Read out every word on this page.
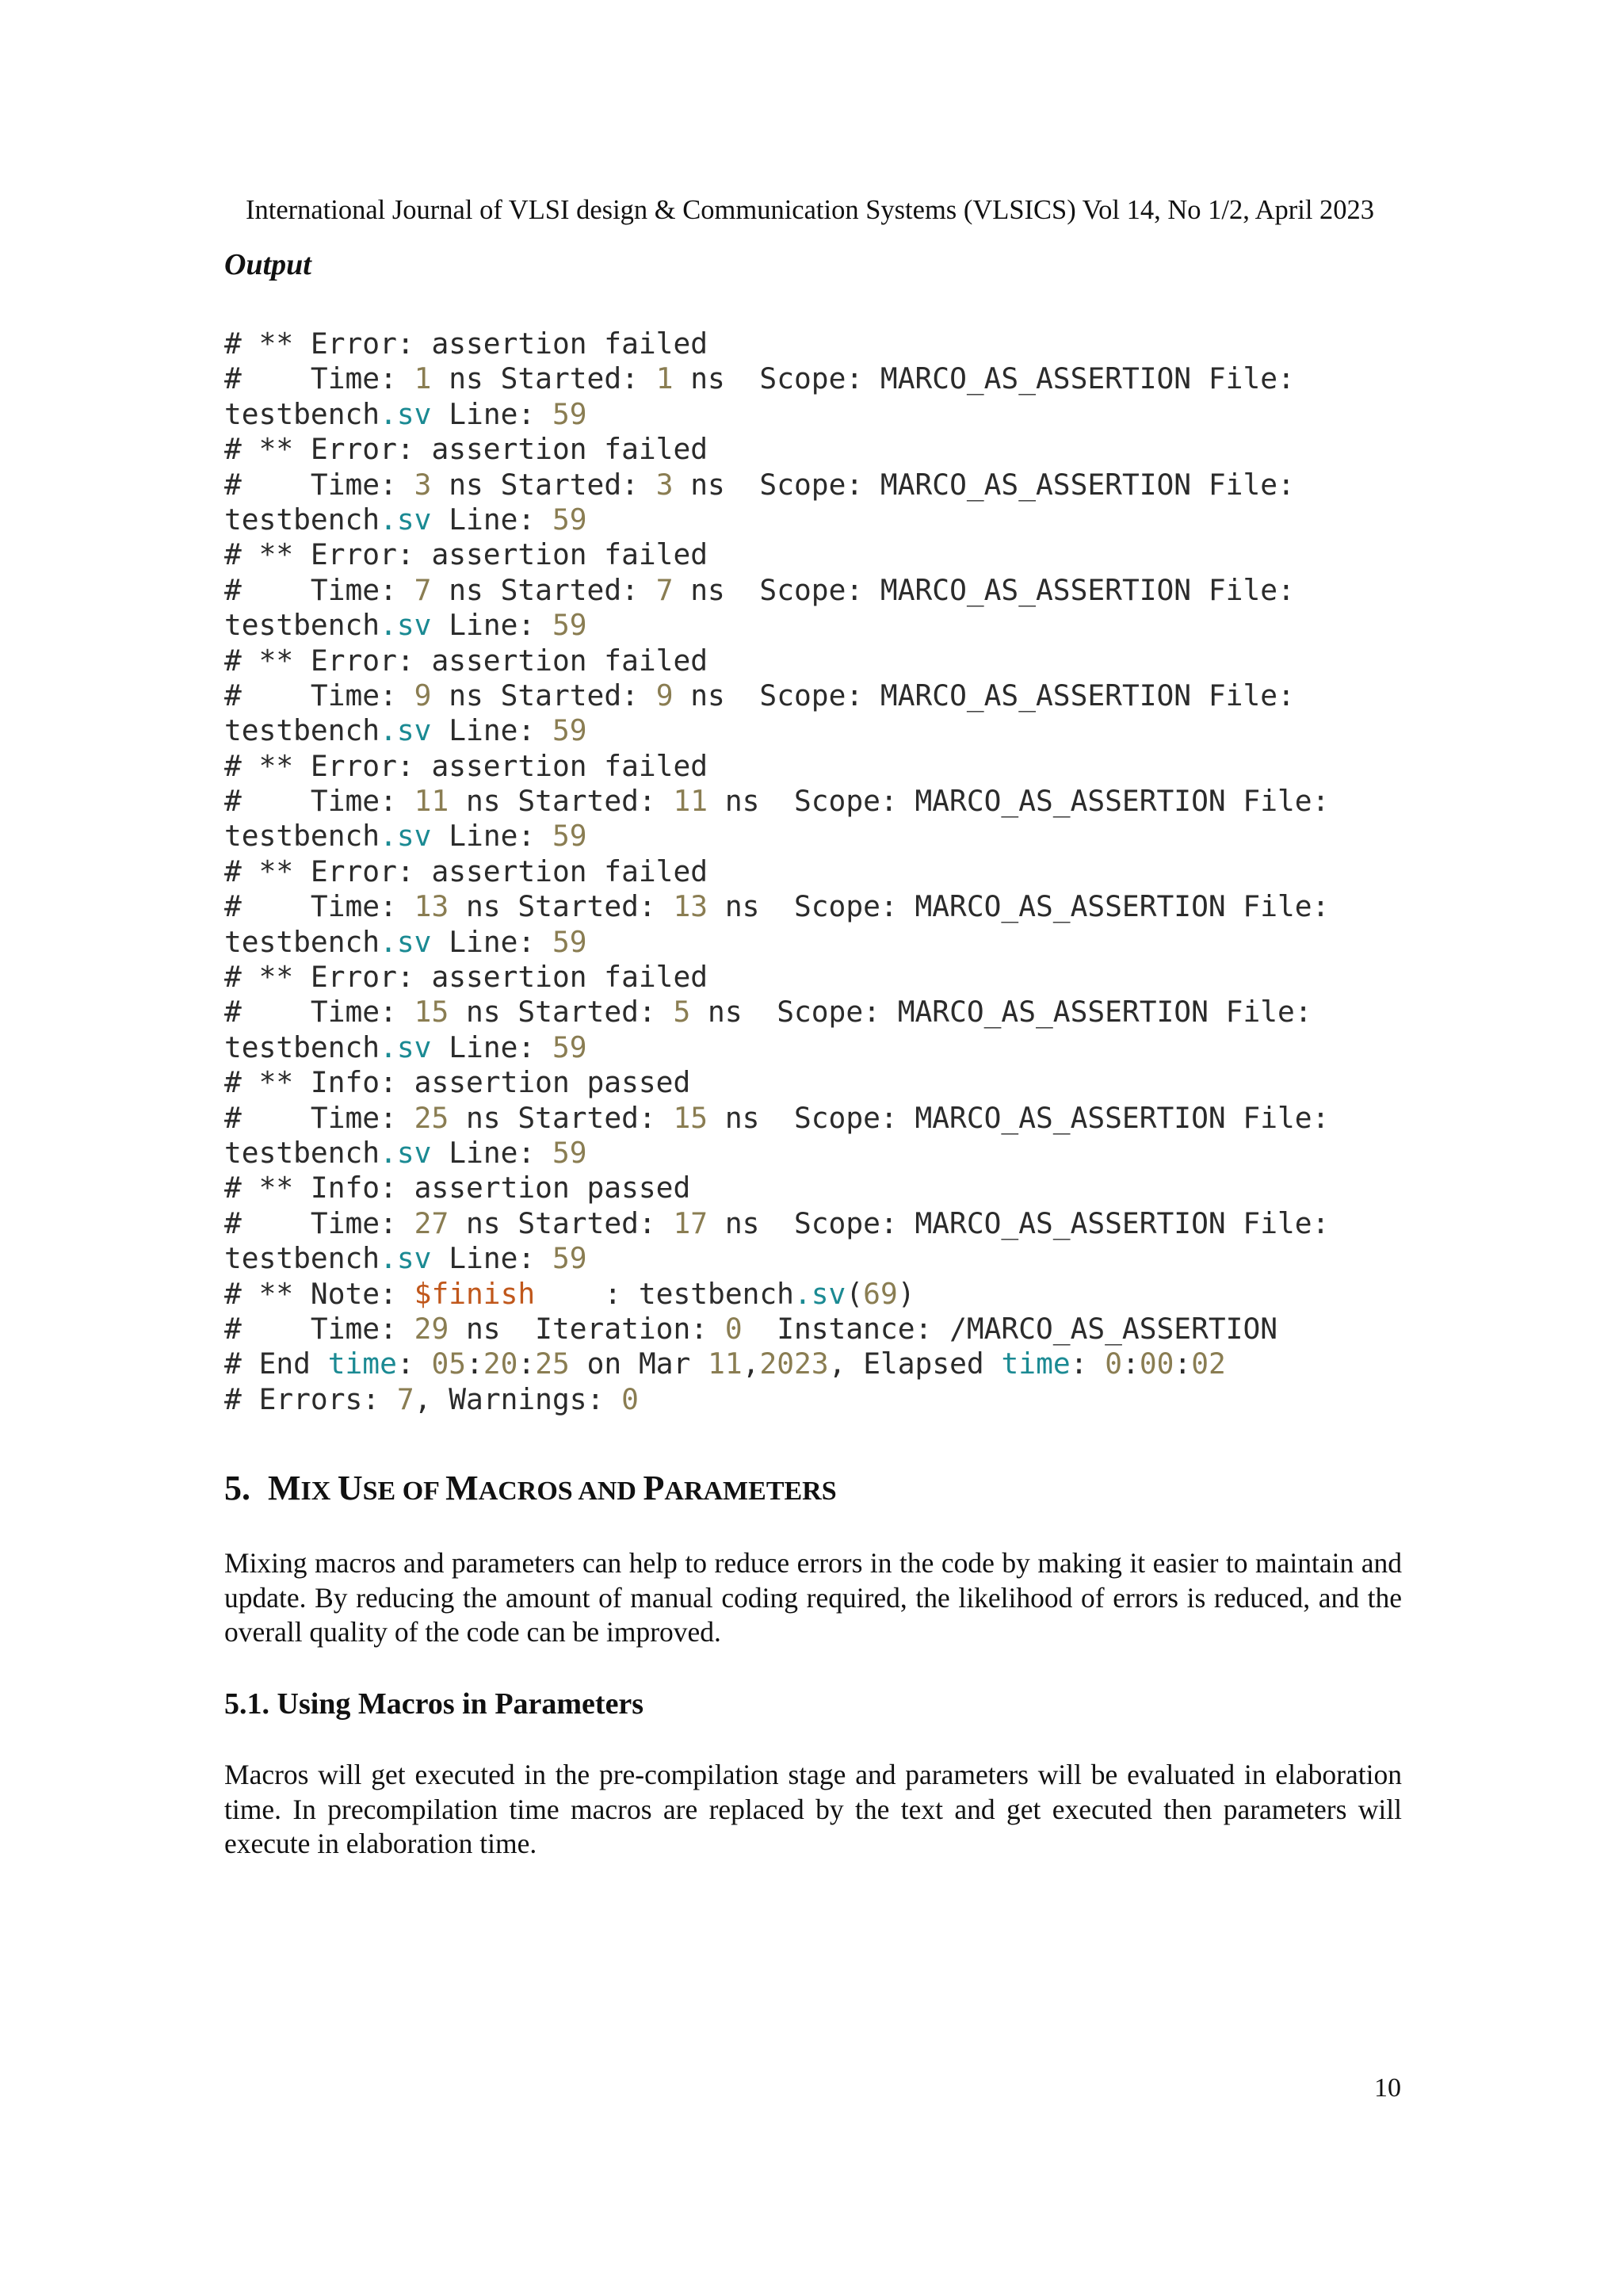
International Journal of VLSI design & Communication Systems (VLSICS) Vol 14, No 1/2, April 2023
Output
# ** Error: assertion failed
#    Time: 1 ns Started: 1 ns  Scope: MARCO_AS_ASSERTION File:
testbench.sv Line: 59
# ** Error: assertion failed
#    Time: 3 ns Started: 3 ns  Scope: MARCO_AS_ASSERTION File:
testbench.sv Line: 59
# ** Error: assertion failed
#    Time: 7 ns Started: 7 ns  Scope: MARCO_AS_ASSERTION File:
testbench.sv Line: 59
# ** Error: assertion failed
#    Time: 9 ns Started: 9 ns  Scope: MARCO_AS_ASSERTION File:
testbench.sv Line: 59
# ** Error: assertion failed
#    Time: 11 ns Started: 11 ns  Scope: MARCO_AS_ASSERTION File:
testbench.sv Line: 59
# ** Error: assertion failed
#    Time: 13 ns Started: 13 ns  Scope: MARCO_AS_ASSERTION File:
testbench.sv Line: 59
# ** Error: assertion failed
#    Time: 15 ns Started: 5 ns  Scope: MARCO_AS_ASSERTION File:
testbench.sv Line: 59
# ** Info: assertion passed
#    Time: 25 ns Started: 15 ns  Scope: MARCO_AS_ASSERTION File:
testbench.sv Line: 59
# ** Info: assertion passed
#    Time: 27 ns Started: 17 ns  Scope: MARCO_AS_ASSERTION File:
testbench.sv Line: 59
# ** Note: $finish    : testbench.sv(69)
#    Time: 29 ns  Iteration: 0  Instance: /MARCO_AS_ASSERTION
# End time: 05:20:25 on Mar 11,2023, Elapsed time: 0:00:02
# Errors: 7, Warnings: 0
5. MIX USE OF MACROS AND PARAMETERS

Mixing macros and parameters can help to reduce errors in the code by making it easier to maintain and update. By reducing the amount of manual coding required, the likelihood of errors is reduced, and the overall quality of the code can be improved.

5.1. Using Macros in Parameters

Macros will get executed in the pre-compilation stage and parameters will be evaluated in elaboration time. In precompilation time macros are replaced by the text and get executed then parameters will execute in elaboration time.

10
